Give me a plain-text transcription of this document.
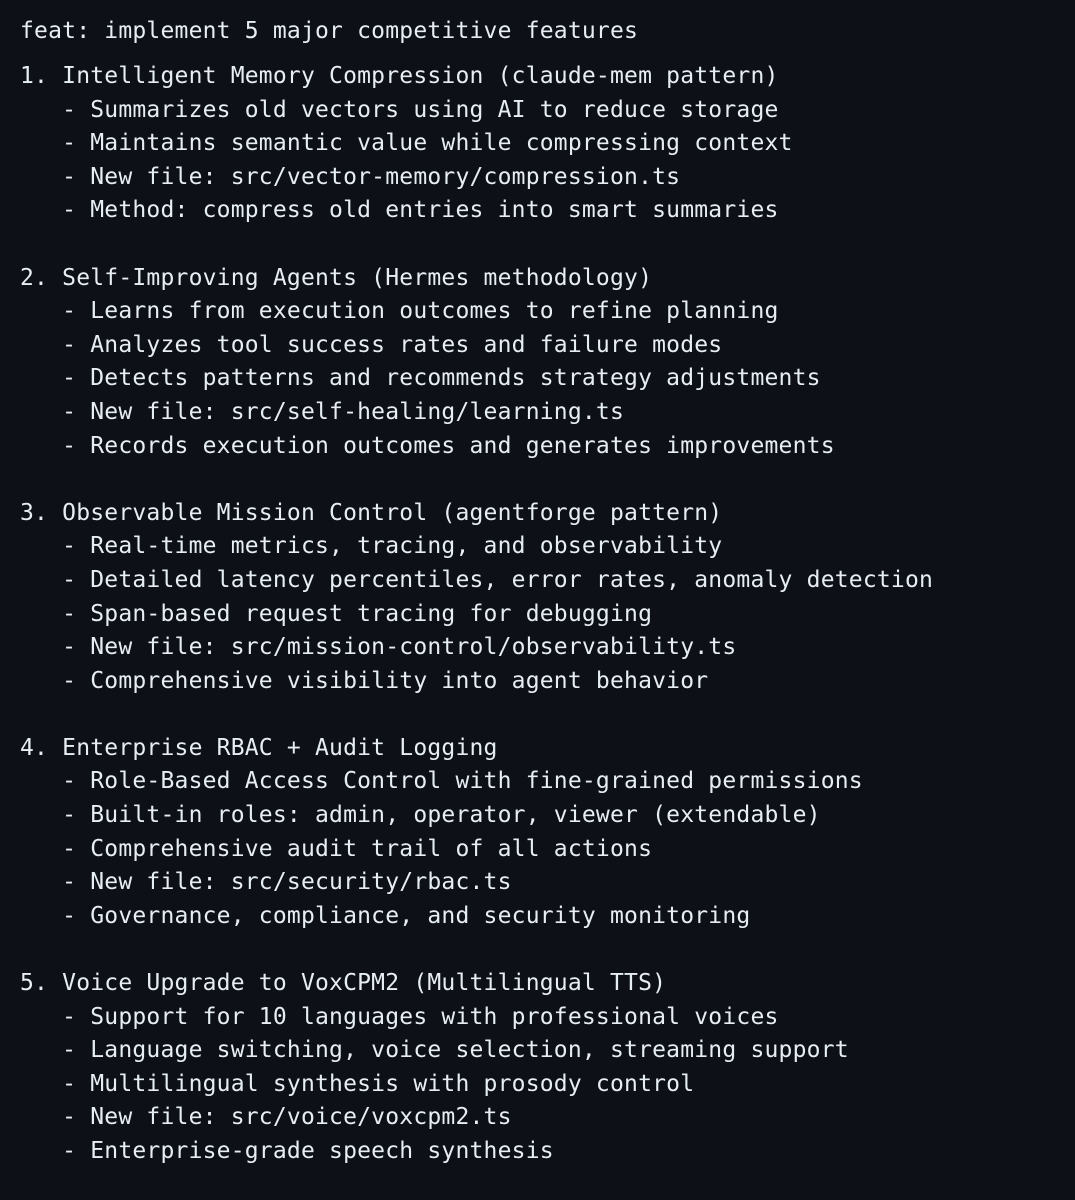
feat: implement 5 major competitive features
1. Intelligent Memory Compression (claude-mem pattern)
- Summarizes old vectors using AI to reduce storage
- Maintains semantic value while compressing context
- New file: src/vector-memory/compression.ts
- Method: compress old entries into smart summaries
2. Self-Improving Agents (Hermes methodology)
- Learns from execution outcomes to refine planning
- Analyzes tool success rates and failure modes
- Detects patterns and recommends strategy adjustments
- New file: src/self-healing/learning.ts
- Records execution outcomes and generates improvements
3. Observable Mission Control (agentforge pattern)
- Real-time metrics, tracing, and observability
- Detailed latency percentiles, error rates, anomaly detection
- Span-based request tracing for debugging
- New file: src/mission-control/observability.ts
- Comprehensive visibility into agent behavior
4. Enterprise RBAC + Audit Logging
- Role-Based Access Control with fine-grained permissions
- Built-in roles: admin, operator, viewer (extendable)
- Comprehensive audit trail of all actions
- New file: src/security/rbac.ts
- Governance, compliance, and security monitoring
5. Voice Upgrade to VoxCPM2 (Multilingual TTS)
- Support for 10 languages with professional voices
- Language switching, voice selection, streaming support
- Multilingual synthesis with prosody control
- New file: src/voice/voxcpm2.ts
- Enterprise-grade speech synthesis
